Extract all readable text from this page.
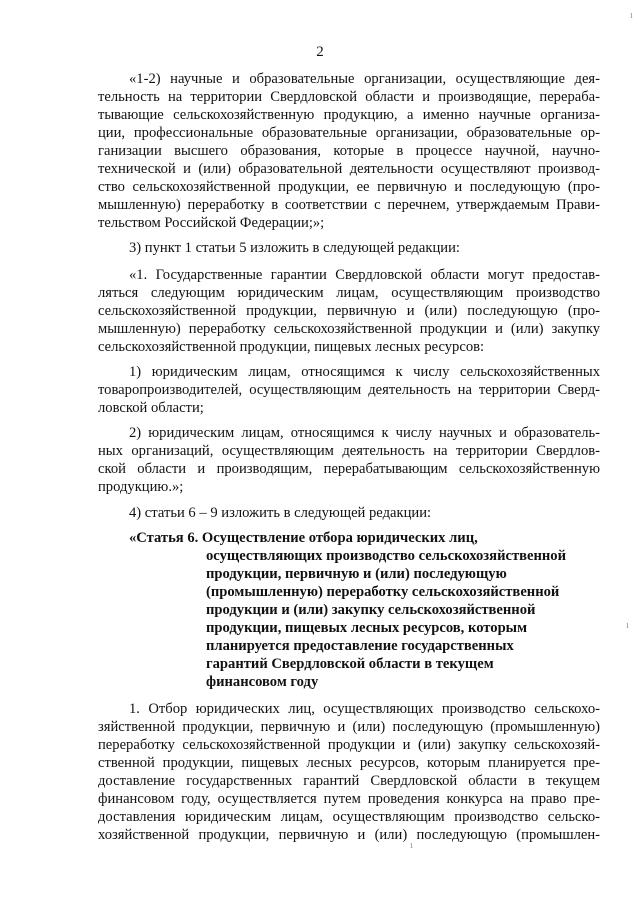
2
«1-2) научные и образовательные организации, осуществляющие дея-
тельность на территории Свердловской области и производящие, перераба-
тывающие сельскохозяйственную продукцию, а именно научные организа-
ции, профессиональные образовательные организации, образовательные ор-
ганизации высшего образования, которые в процессе научной, научно-
технической и (или) образовательной деятельности осуществляют производ-
ство сельскохозяйственной продукции, ее первичную и последующую (про-
мышленную) переработку в соответствии с перечнем, утверждаемым Прави-
тельством Российской Федерации;»;
3) пункт 1 статьи 5 изложить в следующей редакции:
«1. Государственные гарантии Свердловской области могут предостав-
ляться следующим юридическим лицам, осуществляющим производство
сельскохозяйственной продукции, первичную и (или) последующую (про-
мышленную) переработку сельскохозяйственной продукции и (или) закупку
сельскохозяйственной продукции, пищевых лесных ресурсов:
1) юридическим лицам, относящимся к числу сельскохозяйственных
товаропроизводителей, осуществляющим деятельность на территории Сверд-
ловской области;
2) юридическим лицам, относящимся к числу научных и образователь-
ных организаций, осуществляющим деятельность на территории Свердлов-
ской области и производящим, перерабатывающим сельскохозяйственную
продукцию.»;
4) статьи 6 – 9 изложить в следующей редакции:
«Статья 6. Осуществление отбора юридических лиц,
осуществляющих производство сельскохозяйственной
продукции, первичную и (или) последующую
(промышленную) переработку сельскохозяйственной
продукции и (или) закупку сельскохозяйственной
продукции, пищевых лесных ресурсов, которым
планируется предоставление государственных
гарантий Свердловской области в текущем
финансовом году
1. Отбор юридических лиц, осуществляющих производство сельскохо-
зяйственной продукции, первичную и (или) последующую (промышленную)
переработку сельскохозяйственной продукции и (или) закупку сельскохозяй-
ственной продукции, пищевых лесных ресурсов, которым планируется пре-
доставление государственных гарантий Свердловской области в текущем
финансовом году, осуществляется путем проведения конкурса на право пре-
доставления юридическим лицам, осуществляющим производство сельско-
хозяйственной продукции, первичную и (или) последующую (промышлен-
ı
ı
ı
